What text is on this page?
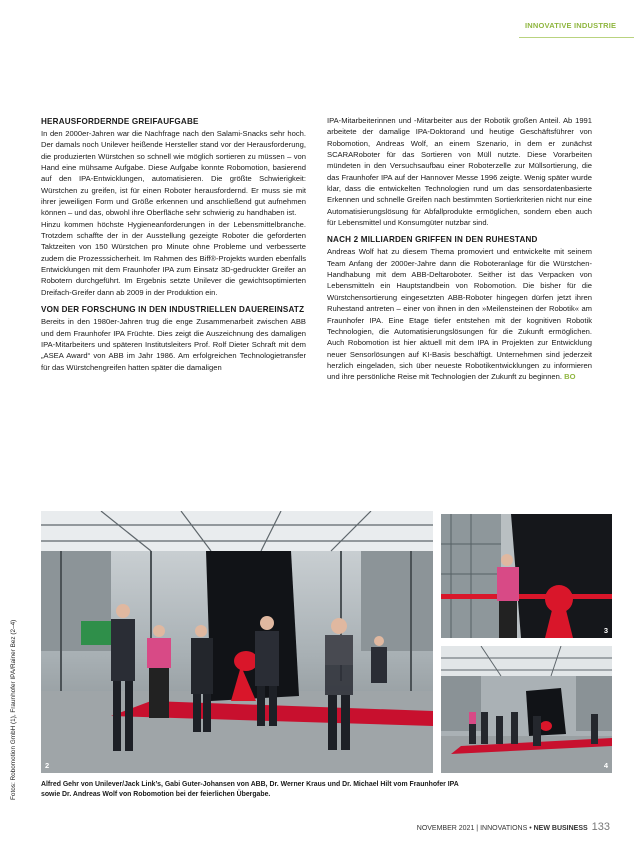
INNOVATIVE INDUSTRIE
HERAUSFORDERNDE GREIFAUFGABE

In den 2000er-Jahren war die Nachfrage nach den Salami-Snacks sehr hoch. Der damals noch Unilever heißende Hersteller stand vor der Herausforderung, die produzierten Würstchen so schnell wie möglich sortieren zu müssen – von Hand eine mühsame Aufgabe. Diese Aufgabe konnte Robomotion, basierend auf den IPA-Entwicklungen, automatisieren. Die größte Schwierigkeit: Würstchen zu greifen, ist für einen Roboter herausfordernd. Er muss sie mit ihrer jeweiligen Form und Größe erkennen und anschließend gut aufnehmen können – und das, obwohl ihre Oberfläche sehr schwierig zu handhaben ist.

Hinzu kommen höchste Hygieneanforderungen in der Lebensmittelbranche. Trotzdem schaffte der in der Ausstellung gezeigte Roboter die geforderten Taktzeiten von 150 Würstchen pro Minute ohne Probleme und verbesserte zudem die Prozesssicherheit. Im Rahmen des Biff®-Projekts wurden ebenfalls Entwicklungen mit dem Fraunhofer IPA zum Einsatz 3D-gedruckter Greifer an Robotern durchgeführt. Im Ergebnis setzte Unilever die gewichtsoptimierten Dreifach-Greifer dann ab 2009 in der Produktion ein.

VON DER FORSCHUNG IN DEN INDUSTRIELLEN DAUEREINSATZ

Bereits in den 1980er-Jahren trug die enge Zusammenarbeit zwischen ABB und dem Fraunhofer IPA Früchte. Dies zeigt die Auszeichnung des damaligen IPA-Mitarbeiters und späteren Institutsleiters Prof. Rolf Dieter Schraft mit dem „ASEA Award“ von ABB im Jahr 1986. Am erfolgreichen Technologietransfer für das Würstchengreifen hatten später die damaligen

IPA-Mitarbeiterinnen und -Mitarbeiter aus der Robotik großen Anteil. Ab 1991 arbeitete der damalige IPA-Doktorand und heutige Geschäftsführer von Robomotion, Andreas Wolf, an einem Szenario, in dem er zunächst SCARARoboter für das Sortieren von Müll nutzte. Diese Vorarbeiten mündeten in den Versuchsaufbau einer Roboterzelle zur Müllsortierung, die das Fraunhofer IPA auf der Hannover Messe 1996 zeigte. Wenig später wurde klar, dass die entwickelten Technologien rund um das sensordatenbasierte Erkennen und schnelle Greifen nach bestimmten Sortierkriterien nicht nur eine Automatisierungslösung für Abfallprodukte ermöglichen, sondern eben auch für Lebensmittel und Konsumgüter nutzbar sind.

NACH 2 MILLIARDEN GRIFFEN IN DEN RUHESTAND

Andreas Wolf hat zu diesem Thema promoviert und entwickelte mit seinem Team Anfang der 2000er-Jahre dann die Roboteranlage für die Würstchen-Handhabung mit dem ABB-Deltaroboter. Seither ist das Verpacken von Lebensmitteln ein Hauptstandbein von Robomotion. Die bisher für die Würstchensortierung eingesetzten ABB-Roboter hingegen dürfen jetzt ihren Ruhestand antreten – einer von ihnen in den »Meilensteinen der Robotik« am Fraunhofer IPA. Eine Etage tiefer entstehen mit der kognitiven Robotik Technologien, die Automatisierungslösungen für die Zukunft ermöglichen. Auch Robomotion ist hier aktuell mit dem IPA in Projekten zur Entwicklung neuer Sensorlösungen auf KI-Basis beschäftigt. Unternehmen sind jederzeit herzlich eingeladen, sich über neueste Robotikentwicklungen zu informieren und ihre persönliche Reise mit Technologien der Zukunft zu beginnen. BO

2
3
4
Fotos: Robomotion GmbH (1), Fraunhofer IPA/Rainer Bez (2–4)	Alfred Gehr von Unilever/Jack Link’s, Gabi Guter-Johansen von ABB, Dr. Werner Kraus und Dr. Michael Hilt vom Fraunhofer IPA sowie Dr. Andreas Wolf von Robomotion bei der feierlichen Übergabe.
NOVEMBER 2021 | INNOVATIONS • NEW BUSINESS 133
